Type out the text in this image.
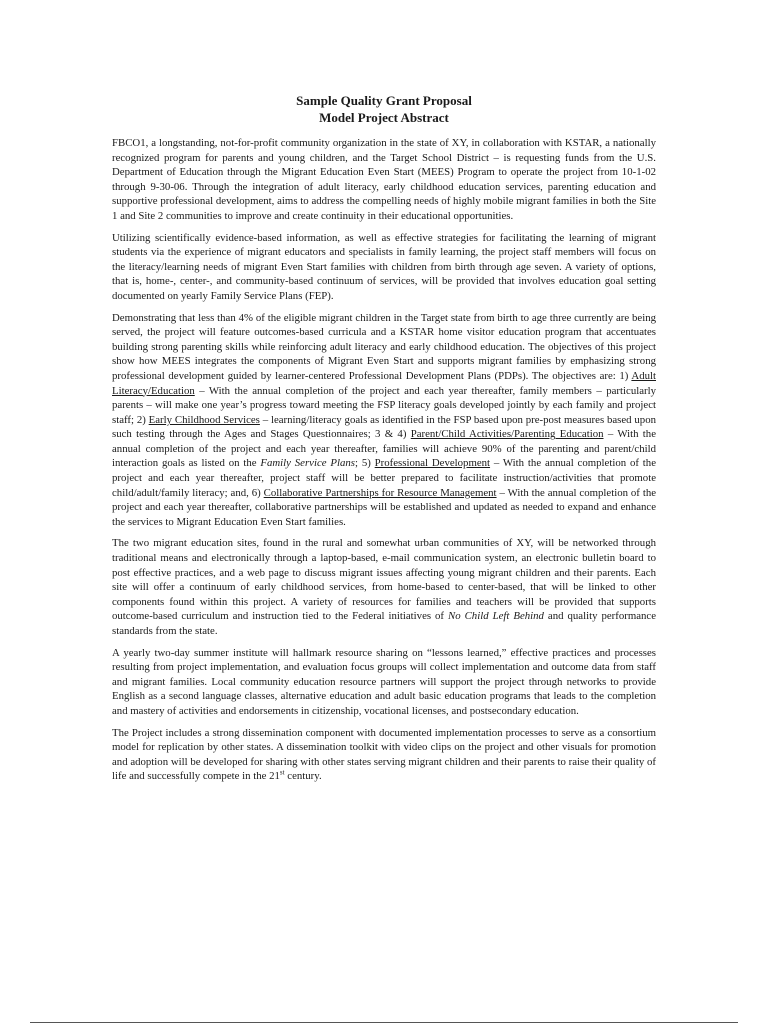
Sample Quality Grant Proposal
Model Project Abstract

FBCO1, a longstanding, not-for-profit community organization in the state of XY, in collaboration with KSTAR, a nationally recognized program for parents and young children, and the Target School District – is requesting funds from the U.S. Department of Education through the Migrant Education Even Start (MEES) Program to operate the project from 10-1-02 through 9-30-06. Through the integration of adult literacy, early childhood education services, parenting education and supportive professional development, aims to address the compelling needs of highly mobile migrant families in both the Site 1 and Site 2 communities to improve and create continuity in their educational opportunities.

Utilizing scientifically evidence-based information, as well as effective strategies for facilitating the learning of migrant students via the experience of migrant educators and specialists in family learning, the project staff members will focus on the literacy/learning needs of migrant Even Start families with children from birth through age seven. A variety of options, that is, home-, center-, and community-based continuum of services, will be provided that involves education goal setting documented on yearly Family Service Plans (FEP).

Demonstrating that less than 4% of the eligible migrant children in the Target state from birth to age three currently are being served, the project will feature outcomes-based curricula and a KSTAR home visitor education program that accentuates building strong parenting skills while reinforcing adult literacy and early childhood education. The objectives of this project show how MEES integrates the components of Migrant Even Start and supports migrant families by emphasizing strong professional development guided by learner-centered Professional Development Plans (PDPs). The objectives are: 1) Adult Literacy/Education – With the annual completion of the project and each year thereafter, family members – particularly parents – will make one year’s progress toward meeting the FSP literacy goals developed jointly by each family and project staff; 2) Early Childhood Services – learning/literacy goals as identified in the FSP based upon pre-post measures based upon such testing through the Ages and Stages Questionnaires; 3 & 4) Parent/Child Activities/Parenting Education – With the annual completion of the project and each year thereafter, families will achieve 90% of the parenting and parent/child interaction goals as listed on the Family Service Plans; 5) Professional Development – With the annual completion of the project and each year thereafter, project staff will be better prepared to facilitate instruction/activities that promote child/adult/family literacy; and, 6) Collaborative Partnerships for Resource Management – With the annual completion of the project and each year thereafter, collaborative partnerships will be established and updated as needed to expand and enhance the services to Migrant Education Even Start families.

The two migrant education sites, found in the rural and somewhat urban communities of XY, will be networked through traditional means and electronically through a laptop-based, e-mail communication system, an electronic bulletin board to post effective practices, and a web page to discuss migrant issues affecting young migrant children and their parents. Each site will offer a continuum of early childhood services, from home-based to center-based, that will be linked to other components found within this project. A variety of resources for families and teachers will be provided that supports outcome-based curriculum and instruction tied to the Federal initiatives of No Child Left Behind and quality performance standards from the state.

A yearly two-day summer institute will hallmark resource sharing on “lessons learned,” effective practices and processes resulting from project implementation, and evaluation focus groups will collect implementation and outcome data from staff and migrant families. Local community education resource partners will support the project through networks to provide English as a second language classes, alternative education and adult basic education programs that leads to the completion and mastery of activities and endorsements in citizenship, vocational licenses, and postsecondary education.

The Project includes a strong dissemination component with documented implementation processes to serve as a consortium model for replication by other states. A dissemination toolkit with video clips on the project and other visuals for promotion and adoption will be developed for sharing with other states serving migrant children and their parents to raise their quality of life and successfully compete in the 21st century.
